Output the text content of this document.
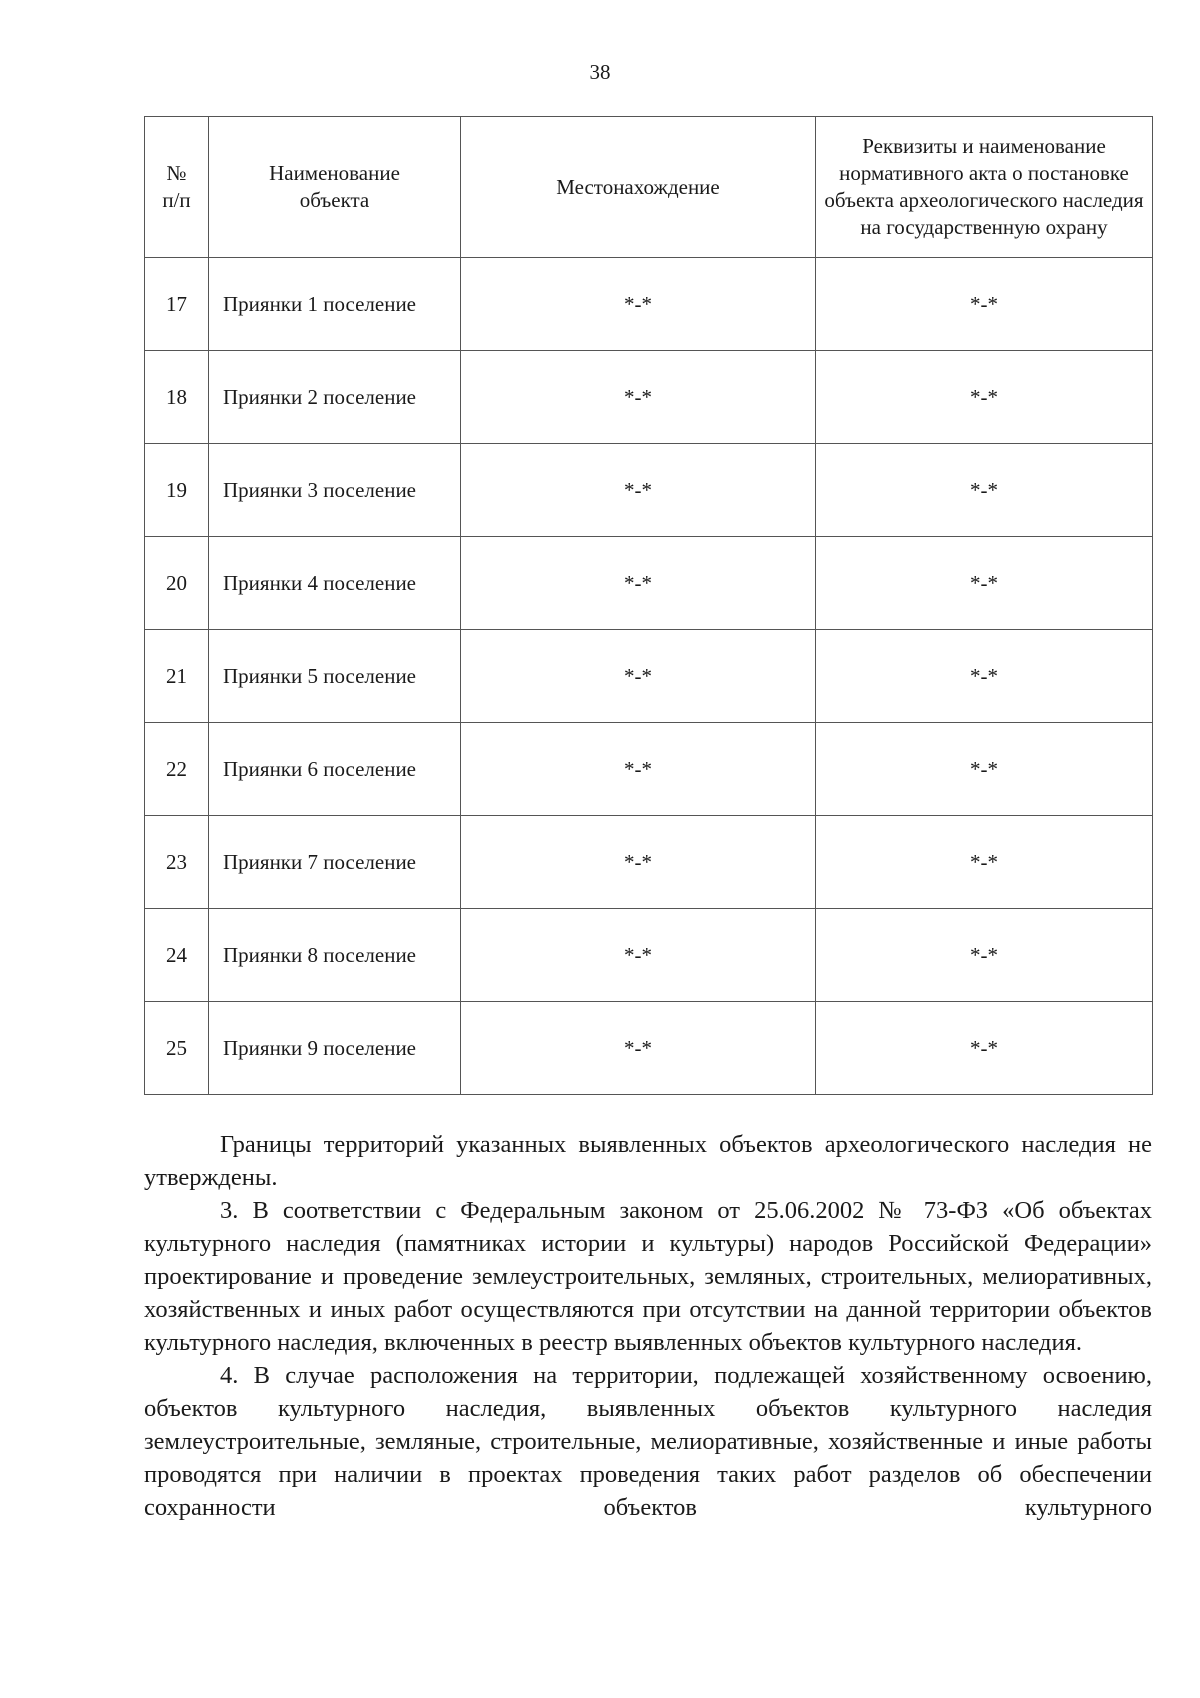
38
№ п/п	Наименование объекта	Местонахождение	Реквизиты и наименование нормативного акта о постановке объекта археологического наследия на государственную охрану
17	Приянки 1 поселение	*-*	*-*
18	Приянки 2 поселение	*-*	*-*
19	Приянки 3 поселение	*-*	*-*
20	Приянки 4 поселение	*-*	*-*
21	Приянки 5 поселение	*-*	*-*
22	Приянки 6 поселение	*-*	*-*
23	Приянки 7 поселение	*-*	*-*
24	Приянки 8 поселение	*-*	*-*
25	Приянки 9 поселение	*-*	*-*

Границы территорий указанных выявленных объектов археологического наследия не утверждены.

3. В соответствии с Федеральным законом от 25.06.2002 № 73-ФЗ «Об объектах культурного наследия (памятниках истории и культуры) народов Российской Федерации» проектирование и проведение землеустроительных, земляных, строительных, мелиоративных, хозяйственных и иных работ осуществляются при отсутствии на данной территории объектов культурного наследия, включенных в реестр выявленных объектов культурного наследия.

4. В случае расположения на территории, подлежащей хозяйственному освоению, объектов культурного наследия, выявленных объектов культурного наследия землеустроительные, земляные, строительные, мелиоративные, хозяйственные и иные работы проводятся при наличии в проектах проведения таких работ разделов об обеспечении сохранности объектов культурного
